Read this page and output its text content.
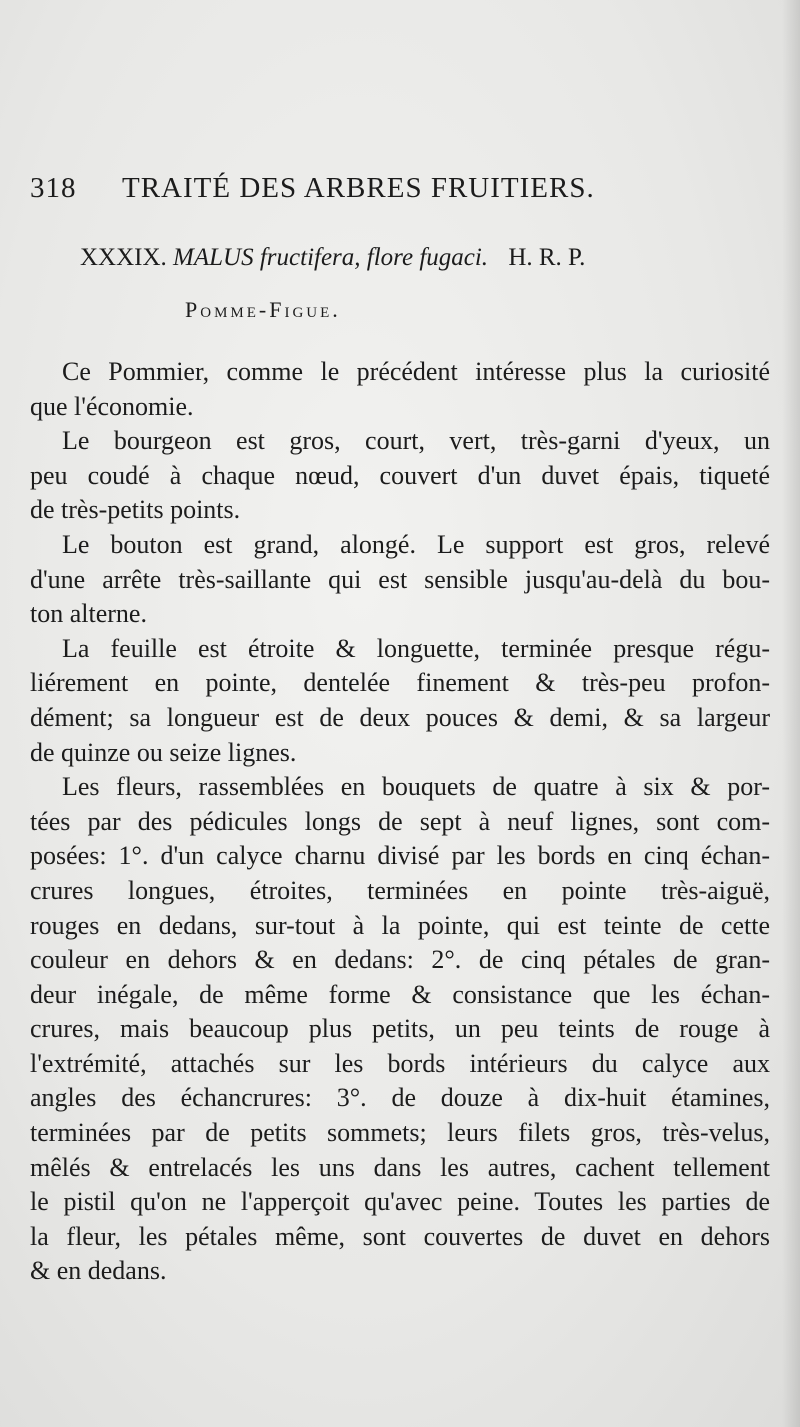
318 TRAITÉ DES ARBRES FRUITIERS.
XXXIX. MALUS fructifera, flore fugaci. H. R. P.
Pomme-Figue.
Ce Pommier, comme le précédent intéresse plus la curiosité
que l'économie.
Le bourgeon est gros, court, vert, très-garni d'yeux, un
peu coudé à chaque nœud, couvert d'un duvet épais, tiqueté
de très-petits points.
Le bouton est grand, alongé. Le support est gros, relevé
d'une arrête très-saillante qui est sensible jusqu'au-delà du bou-
ton alterne.
La feuille est étroite & longuette, terminée presque régu-
liérement en pointe, dentelée finement & très-peu profon-
dément; sa longueur est de deux pouces & demi, & sa largeur
de quinze ou seize lignes.
Les fleurs, rassemblées en bouquets de quatre à six & por-
tées par des pédicules longs de sept à neuf lignes, sont com-
posées: 1°. d'un calyce charnu divisé par les bords en cinq échan-
crures longues, étroites, terminées en pointe très-aiguë,
rouges en dedans, sur-tout à la pointe, qui est teinte de cette
couleur en dehors & en dedans: 2°. de cinq pétales de gran-
deur inégale, de même forme & consistance que les échan-
crures, mais beaucoup plus petits, un peu teints de rouge à
l'extrémité, attachés sur les bords intérieurs du calyce aux
angles des échancrures: 3°. de douze à dix-huit étamines,
terminées par de petits sommets; leurs filets gros, très-velus,
mêlés & entrelacés les uns dans les autres, cachent tellement
le pistil qu'on ne l'apperçoit qu'avec peine. Toutes les parties de
la fleur, les pétales même, sont couvertes de duvet en dehors
& en dedans.
